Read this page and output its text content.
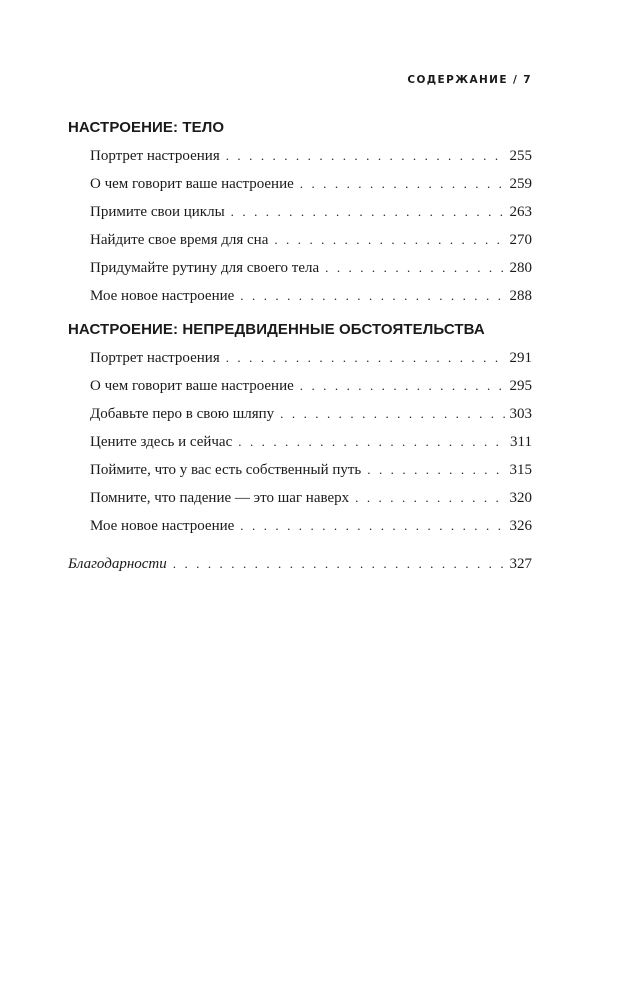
СОДЕРЖАНИЕ / 7
НАСТРОЕНИЕ: ТЕЛО
Портрет настроения . . .	255
О чем говорит ваше настроение . . .	259
Примите свои циклы . . .	263
Найдите свое время для сна . . .	270
Придумайте рутину для своего тела . . .	280
Мое новое настроение . . .	288
НАСТРОЕНИЕ: НЕПРЕДВИДЕННЫЕ ОБСТОЯТЕЛЬСТВА
Портрет настроения . . .	291
О чем говорит ваше настроение . . .	295
Добавьте перо в свою шляпу . . .	303
Цените здесь и сейчас . . .	311
Поймите, что у вас есть собственный путь . . .	315
Помните, что падение — это шаг наверх . . .	320
Мое новое настроение . . .	326
Благодарности . . .	327
